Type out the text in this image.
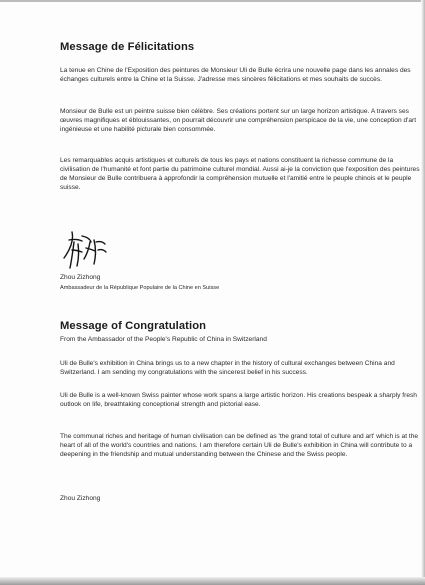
Message de Félicitations

La tenue en Chine de l'Exposition des peintures de Monsieur Uli de Bulle écrira une nouvelle page dans les annales des échanges culturels entre la Chine et la Suisse. J'adresse mes sincères félicitations et mes souhaits de succès.

Monsieur de Bulle est un peintre suisse bien célèbre. Ses créations portent sur un large horizon artistique. A travers ses œuvres magnifiques et éblouissantes, on pourrait découvrir une compréhension perspicace de la vie, une conception d'art ingénieuse et une habilité picturale bien consommée.

Les remarquables acquis artistiques et culturels de tous les pays et nations constituent la richesse commune de la civilisation de l'humanité et font partie du patrimoine culturel mondial. Aussi ai-je la conviction que l'exposition des peintures de Monsieur de Bulle contribuera à approfondir la compréhension mutuelle et l'amitié entre le peuple chinois et le peuple suisse.

Zhou Zizhong
Ambassadeur de la République Populaire de la Chine en Suisse
Message of Congratulation
From the Ambassador of the People's Republic of China in Switzerland

Uli de Bulle's exhibition in China brings us to a new chapter in the history of cultural exchanges between China and Switzerland. I am sending my congratulations with the sincerest belief in his success.

Uli de Bulle is a well-known Swiss painter whose work spans a large artistic horizon. His creations bespeak a sharply fresh outlook on life, breathtaking conceptional strength and pictorial ease.

The communal riches and heritage of human civilisation can be defined as 'the grand total of culture and art' which is at the heart of all of the world's countries and nations. I am therefore certain Uli de Bulle's exhibition in China will contribute to a deepening in the friendship and mutual understanding between the Chinese and the Swiss people.

Zhou Zizhong
